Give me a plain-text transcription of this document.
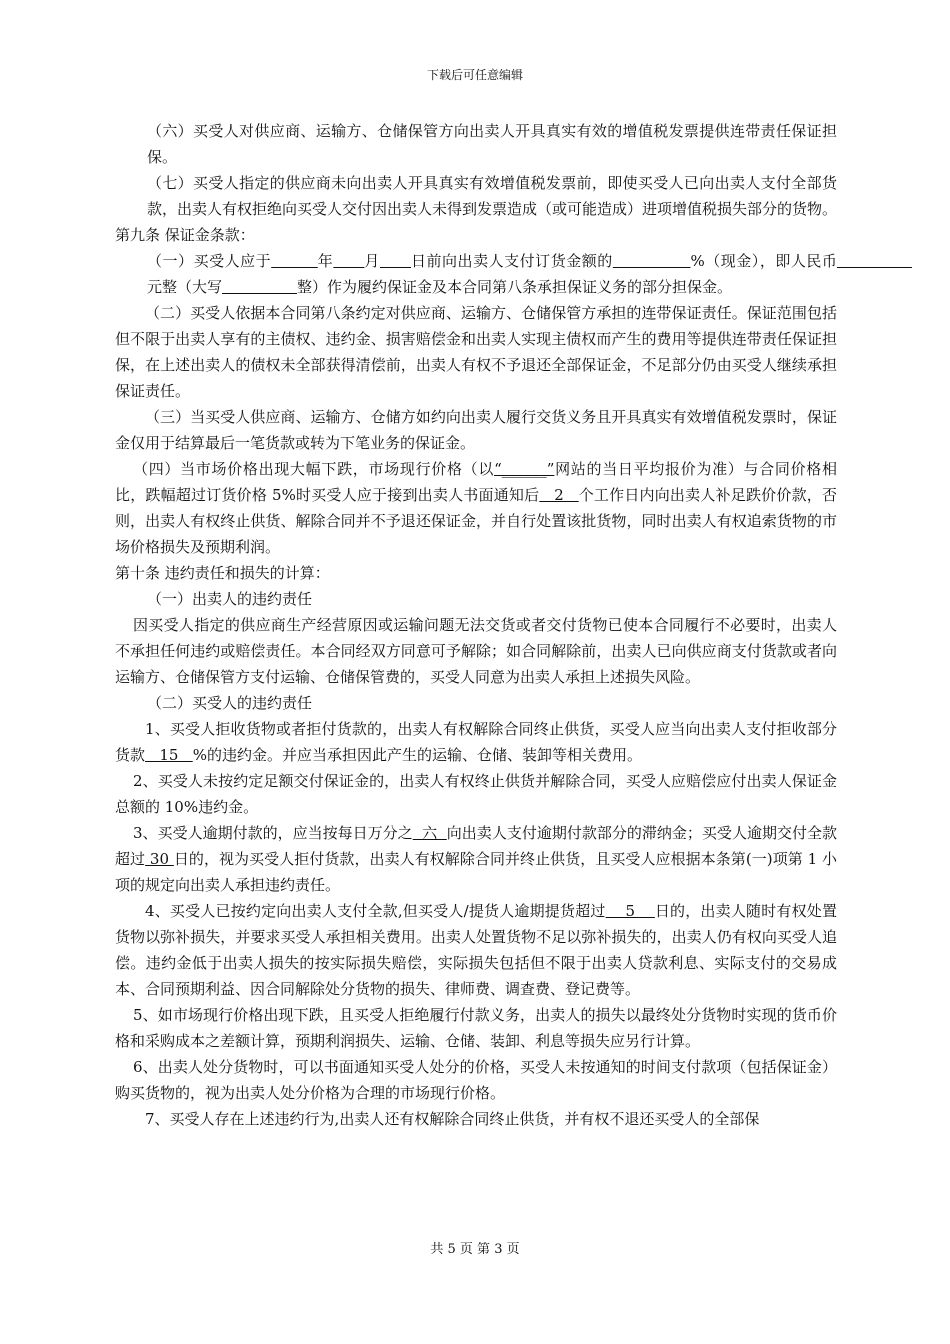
下载后可任意编辑

（六）买受人对供应商、运输方、仓储保管方向出卖人开具真实有效的增值税发票提供连带责任保证担保。

（七）买受人指定的供应商未向出卖人开具真实有效增值税发票前，即使买受人已向出卖人支付全部货款，出卖人有权拒绝向买受人交付因出卖人未得到发票造成（或可能造成）进项增值税损失部分的货物。

第九条 保证金条款：

（一）买受人应于　　　	年　　 月　　 日前向出卖人支付订货金额的　　　　　	%（现金），即人民币　　　　　元整（大写　　　　　	整）作为履约保证金及本合同第八条承担保证义务的部分担保金。

（二）买受人依据本合同第八条约定对供应商、运输方、仓储保管方承担的连带保证责任。保证范围包括但不限于出卖人享有的主债权、违约金、损害赔偿金和出卖人实现主债权而产生的费用等提供连带责任保证担保，在上述出卖人的债权未全部获得清偿前，出卖人有权不予退还全部保证金，不足部分仍由买受人继续承担保证责任。

（三）当买受人供应商、运输方、仓储方如约向出卖人履行交货义务且开具真实有效增值税发票时，保证金仅用于结算最后一笔货款或转为下笔业务的保证金。

（四）当市场价格出现大幅下跌，市场现行价格（以“______”网站的当日平均报价为准）与合同价格相比，跌幅超过订货价格 5%时买受人应于接到出卖人书面通知后   2   个工作日内向出卖人补足跌价价款，否则，出卖人有权终止供货、解除合同并不予退还保证金，并自行处置该批货物，同时出卖人有权追索货物的市场价格损失及预期利润。

第十条 违约责任和损失的计算：

（一）出卖人的违约责任

因买受人指定的供应商生产经营原因或运输问题无法交货或者交付货物已使本合同履行不必要时，出卖人不承担任何违约或赔偿责任。本合同经双方同意可予解除；如合同解除前，出卖人已向供应商支付货款或者向运输方、仓储保管方支付运输、仓储保管费的，买受人同意为出卖人承担上述损失风险。

（二）买受人的违约责任

1、买受人拒收货物或者拒付货款的，出卖人有权解除合同终止供货，买受人应当向出卖人支付拒收部分货款   15   %的违约金。并应当承担因此产生的运输、仓储、装卸等相关费用。

2、买受人未按约定足额交付保证金的，出卖人有权终止供货并解除合同，买受人应赔偿应付出卖人保证金总额的 10%违约金。

3、买受人逾期付款的，应当按每日万分之  六  向出卖人支付逾期付款部分的滞纳金；买受人逾期交付全款超过 30 日的，视为买受人拒付货款，出卖人有权解除合同并终止供货，且买受人应根据本条第(一)项第 1 小项的规定向出卖人承担违约责任。

4、买受人已按约定向出卖人支付全款,但买受人/提货人逾期提货超过    5    日的，出卖人随时有权处置货物以弥补损失，并要求买受人承担相关费用。出卖人处置货物不足以弥补损失的，出卖人仍有权向买受人追偿。违约金低于出卖人损失的按实际损失赔偿，实际损失包括但不限于出卖人贷款利息、实际支付的交易成本、合同预期利益、因合同解除处分货物的损失、律师费、调查费、登记费等。

5、如市场现行价格出现下跌，且买受人拒绝履行付款义务，出卖人的损失以最终处分货物时实现的货币价格和采购成本之差额计算，预期利润损失、运输、仓储、装卸、利息等损失应另行计算。

6、出卖人处分货物时，可以书面通知买受人处分的价格，买受人未按通知的时间支付款项（包括保证金）购买货物的，视为出卖人处分价格为合理的市场现行价格。

7、买受人存在上述违约行为,出卖人还有权解除合同终止供货，并有权不退还买受人的全部保

共 5 页 第 3 页
